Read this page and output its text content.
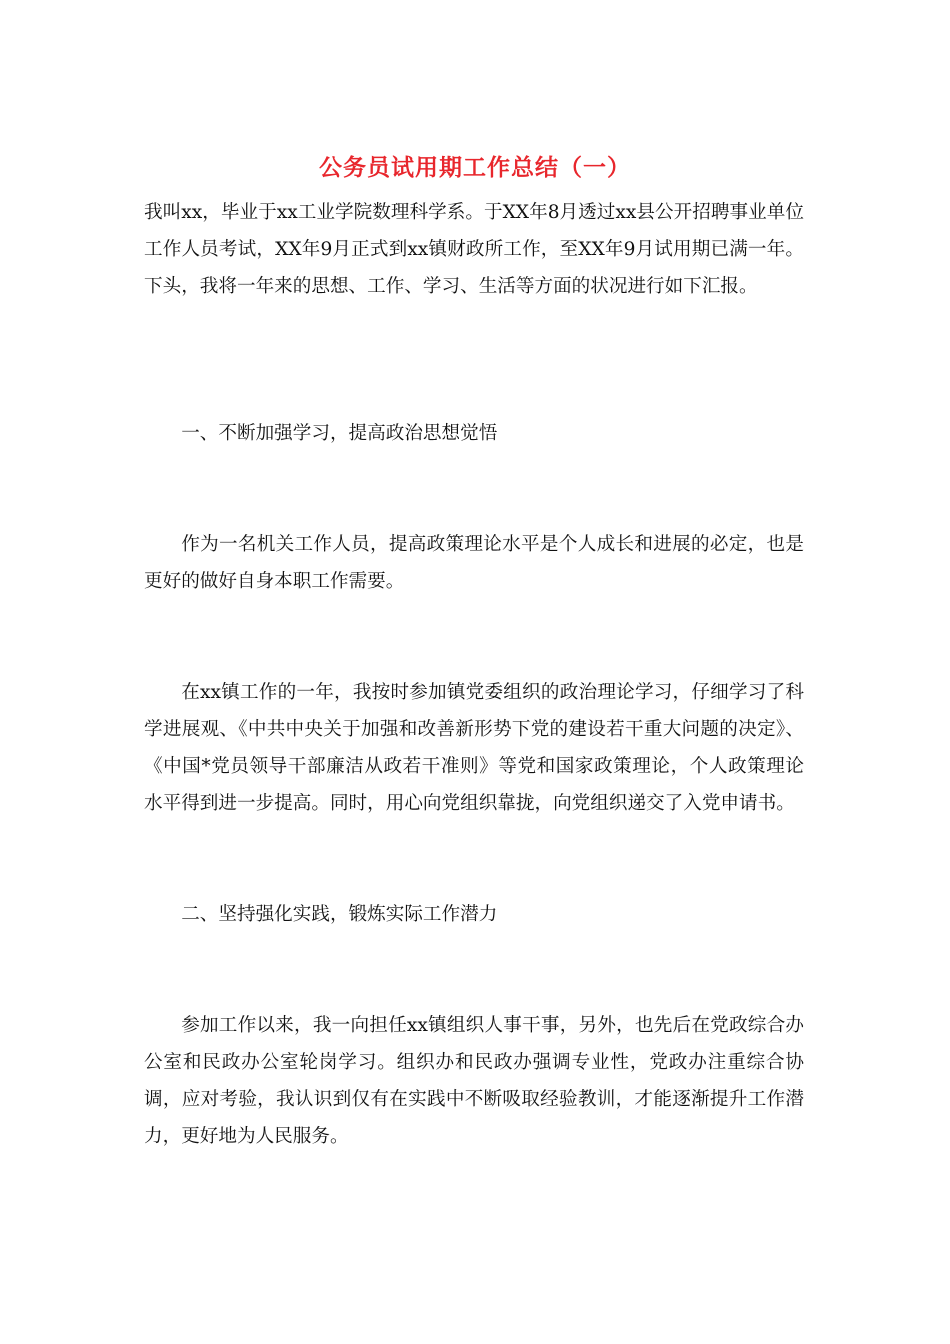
公务员试用期工作总结（一）

我叫xx，毕业于xx工业学院数理科学系。于XX年8月透过xx县公开招聘事业单位工作人员考试，XX年9月正式到xx镇财政所工作，至XX年9月试用期已满一年。下头，我将一年来的思想、工作、学习、生活等方面的状况进行如下汇报。

一、不断加强学习，提高政治思想觉悟

作为一名机关工作人员，提高政策理论水平是个人成长和进展的必定，也是更好的做好自身本职工作需要。

在xx镇工作的一年，我按时参加镇党委组织的政治理论学习，仔细学习了科学进展观、《中共中央关于加强和改善新形势下党的建设若干重大问题的决定》、《中国*党员领导干部廉洁从政若干准则》等党和国家政策理论，个人政策理论水平得到进一步提高。同时，用心向党组织靠拢，向党组织递交了入党申请书。

二、坚持强化实践，锻炼实际工作潜力

参加工作以来，我一向担任xx镇组织人事干事，另外，也先后在党政综合办公室和民政办公室轮岗学习。组织办和民政办强调专业性，党政办注重综合协调，应对考验，我认识到仅有在实践中不断吸取经验教训，才能逐渐提升工作潜力，更好地为人民服务。
